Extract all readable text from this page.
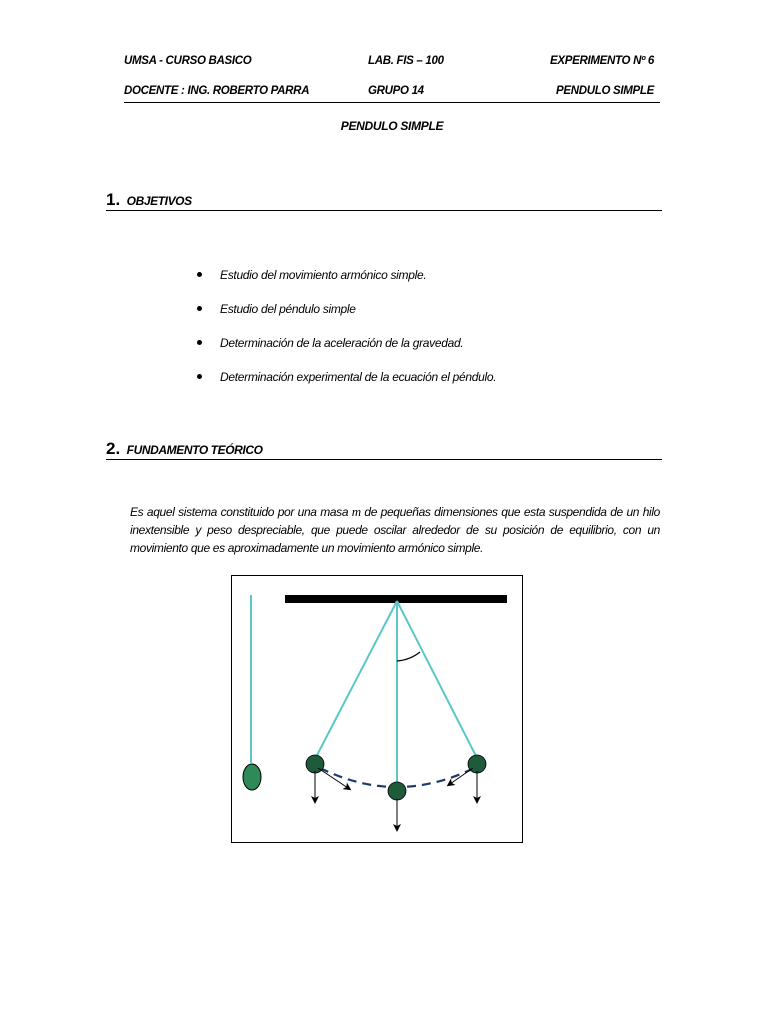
UMSA - CURSO BASICO	LAB. FIS – 100	EXPERIMENTO Nº 6
DOCENTE : ING. ROBERTO PARRA	GRUPO 14	PENDULO SIMPLE
PENDULO SIMPLE
1. OBJETIVOS
Estudio del movimiento armónico simple.
Estudio del péndulo simple
Determinación de la aceleración de la gravedad.
Determinación experimental de la ecuación el péndulo.
2. FUNDAMENTO TEÓRICO

Es aquel sistema constituido por una masa m de pequeñas dimensiones que esta suspendida de un hilo inextensible y peso despreciable, que puede oscilar alrededor de su posición de equilibrio, con un movimiento que es aproximadamente un movimiento armónico simple.
